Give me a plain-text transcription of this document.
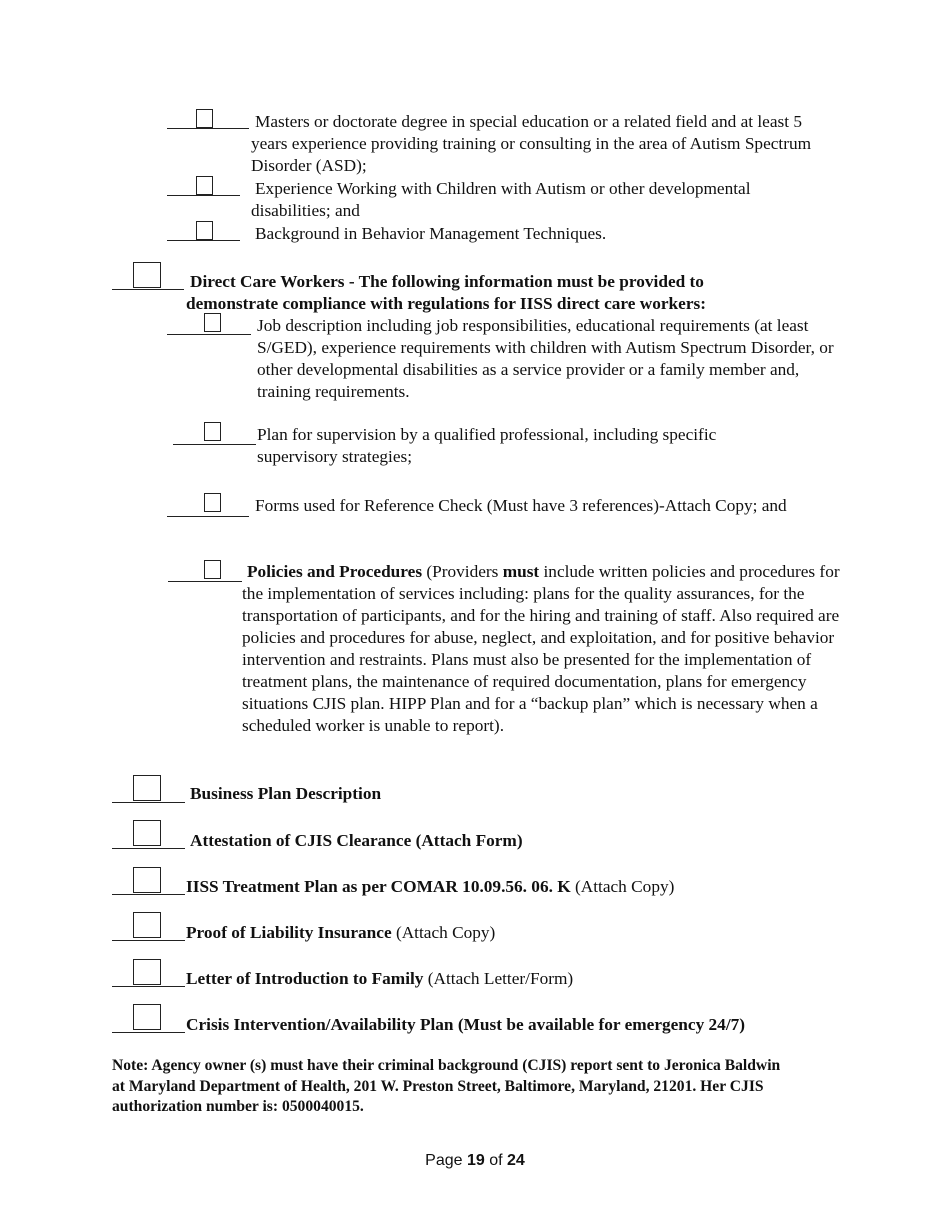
Masters or doctorate degree in special education or a related field and at least 5 years experience providing training or consulting in the area of Autism Spectrum Disorder (ASD);
Experience Working with Children with Autism or other developmental disabilities; and
Background in Behavior Management Techniques.
Direct Care Workers - The following information must be provided to demonstrate compliance with regulations for IISS direct care workers:
Job description including job responsibilities, educational requirements (at least S/GED), experience requirements with children with Autism Spectrum Disorder, or other developmental disabilities as a service provider or a family member and, training requirements.
Plan for supervision by a qualified professional, including specific supervisory strategies;
Forms used for Reference Check (Must have 3 references)-Attach Copy; and
Policies and Procedures (Providers must include written policies and procedures for the implementation of services including: plans for the quality assurances, for the transportation of participants, and for the hiring and training of staff. Also required are policies and procedures for abuse, neglect, and exploitation, and for positive behavior intervention and restraints. Plans must also be presented for the implementation of treatment plans, the maintenance of required documentation, plans for emergency situations CJIS plan. HIPP Plan and for a “backup plan” which is necessary when a scheduled worker is unable to report).
Business Plan Description
Attestation of CJIS Clearance (Attach Form)
IISS Treatment Plan as per COMAR 10.09.56. 06. K (Attach Copy)
Proof of Liability Insurance (Attach Copy)
Letter of Introduction to Family (Attach Letter/Form)
Crisis Intervention/Availability Plan (Must be available for emergency 24/7)
Note: Agency owner (s) must have their criminal background (CJIS) report sent to Jeronica Baldwin at Maryland Department of Health, 201 W. Preston Street, Baltimore, Maryland, 21201. Her CJIS authorization number is: 0500040015.
Page 19 of 24
